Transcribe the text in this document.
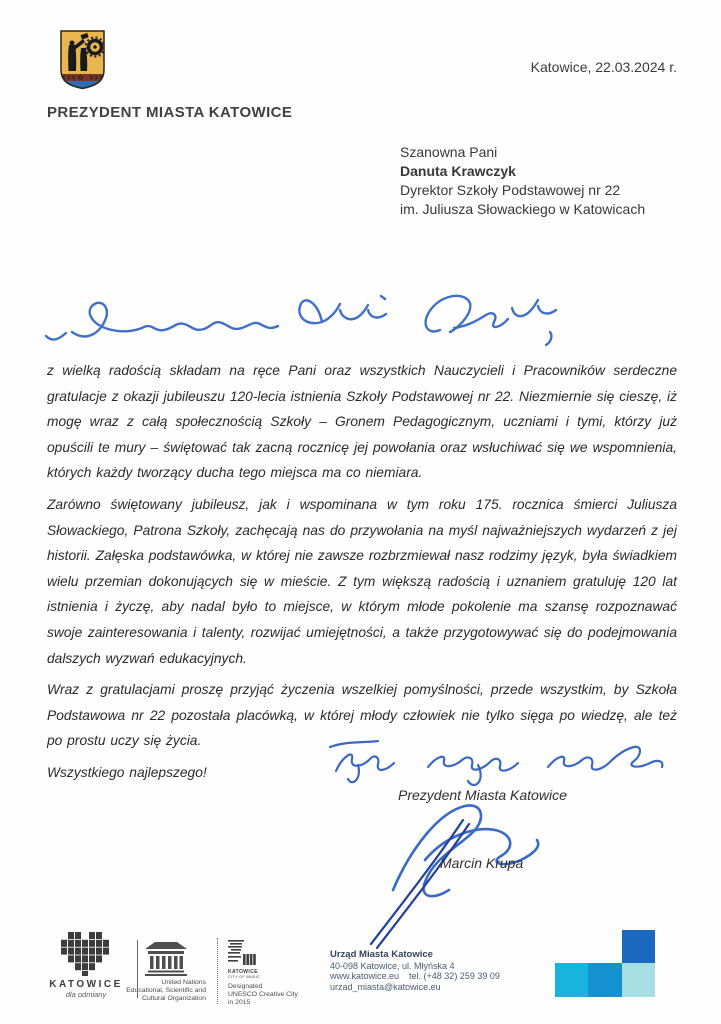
PREZYDENT MIASTA KATOWICE
Katowice, 22.03.2024 r.
Szanowna Pani
Danuta Krawczyk
Dyrektor Szkoły Podstawowej nr 22
im. Juliusza Słowackiego w Katowicach

z wielką radością składam na ręce Pani oraz wszystkich Nauczycieli i Pracowników serdeczne gratulacje z okazji jubileuszu 120-lecia istnienia Szkoły Podstawowej nr 22. Niezmiernie się cieszę, iż mogę wraz z całą społecznością Szkoły – Gronem Pedagogicznym, uczniami i tymi, którzy już opuścili te mury – świętować tak zacną rocznicę jej powołania oraz wsłuchiwać się we wspomnienia, których każdy tworzący ducha tego miejsca ma co niemiara.

Zarówno świętowany jubileusz, jak i wspominana w tym roku 175. rocznica śmierci Juliusza Słowackiego, Patrona Szkoły, zachęcają nas do przywołania na myśl najważniejszych wydarzeń z jej historii. Załęska podstawówka, w której nie zawsze rozbrzmiewał nasz rodzimy język, była świadkiem wielu przemian dokonujących się w mieście. Z tym większą radością i uznaniem gratuluję 120 lat istnienia i życzę, aby nadal było to miejsce, w którym młode pokolenie ma szansę rozpoznawać swoje zainteresowania i talenty, rozwijać umiejętności, a także przygotowywać się do podejmowania dalszych wyzwań edukacyjnych.

Wraz z gratulacjami proszę przyjąć życzenia wszelkiej pomyślności, przede wszystkim, by Szkoła Podstawowa nr 22 pozostała placówką, w której młody człowiek nie tylko sięga po wiedzę, ale też po prostu uczy się życia.

Wszystkiego najlepszego!

Prezydent Miasta Katowice
Marcin Krupa
KATOWICE
dla odmiany
United Nations
Educational, Scientific and
Cultural Organization
KATOWICE
CITY OF MUSIC
Designated
UNESCO Creative City
in 2015
Urząd Miasta Katowice
40-098 Katowice, ul. Młyńska 4
www.katowice.eu    tel. (+48 32) 259 39 09
urzad_miasta@katowice.eu
